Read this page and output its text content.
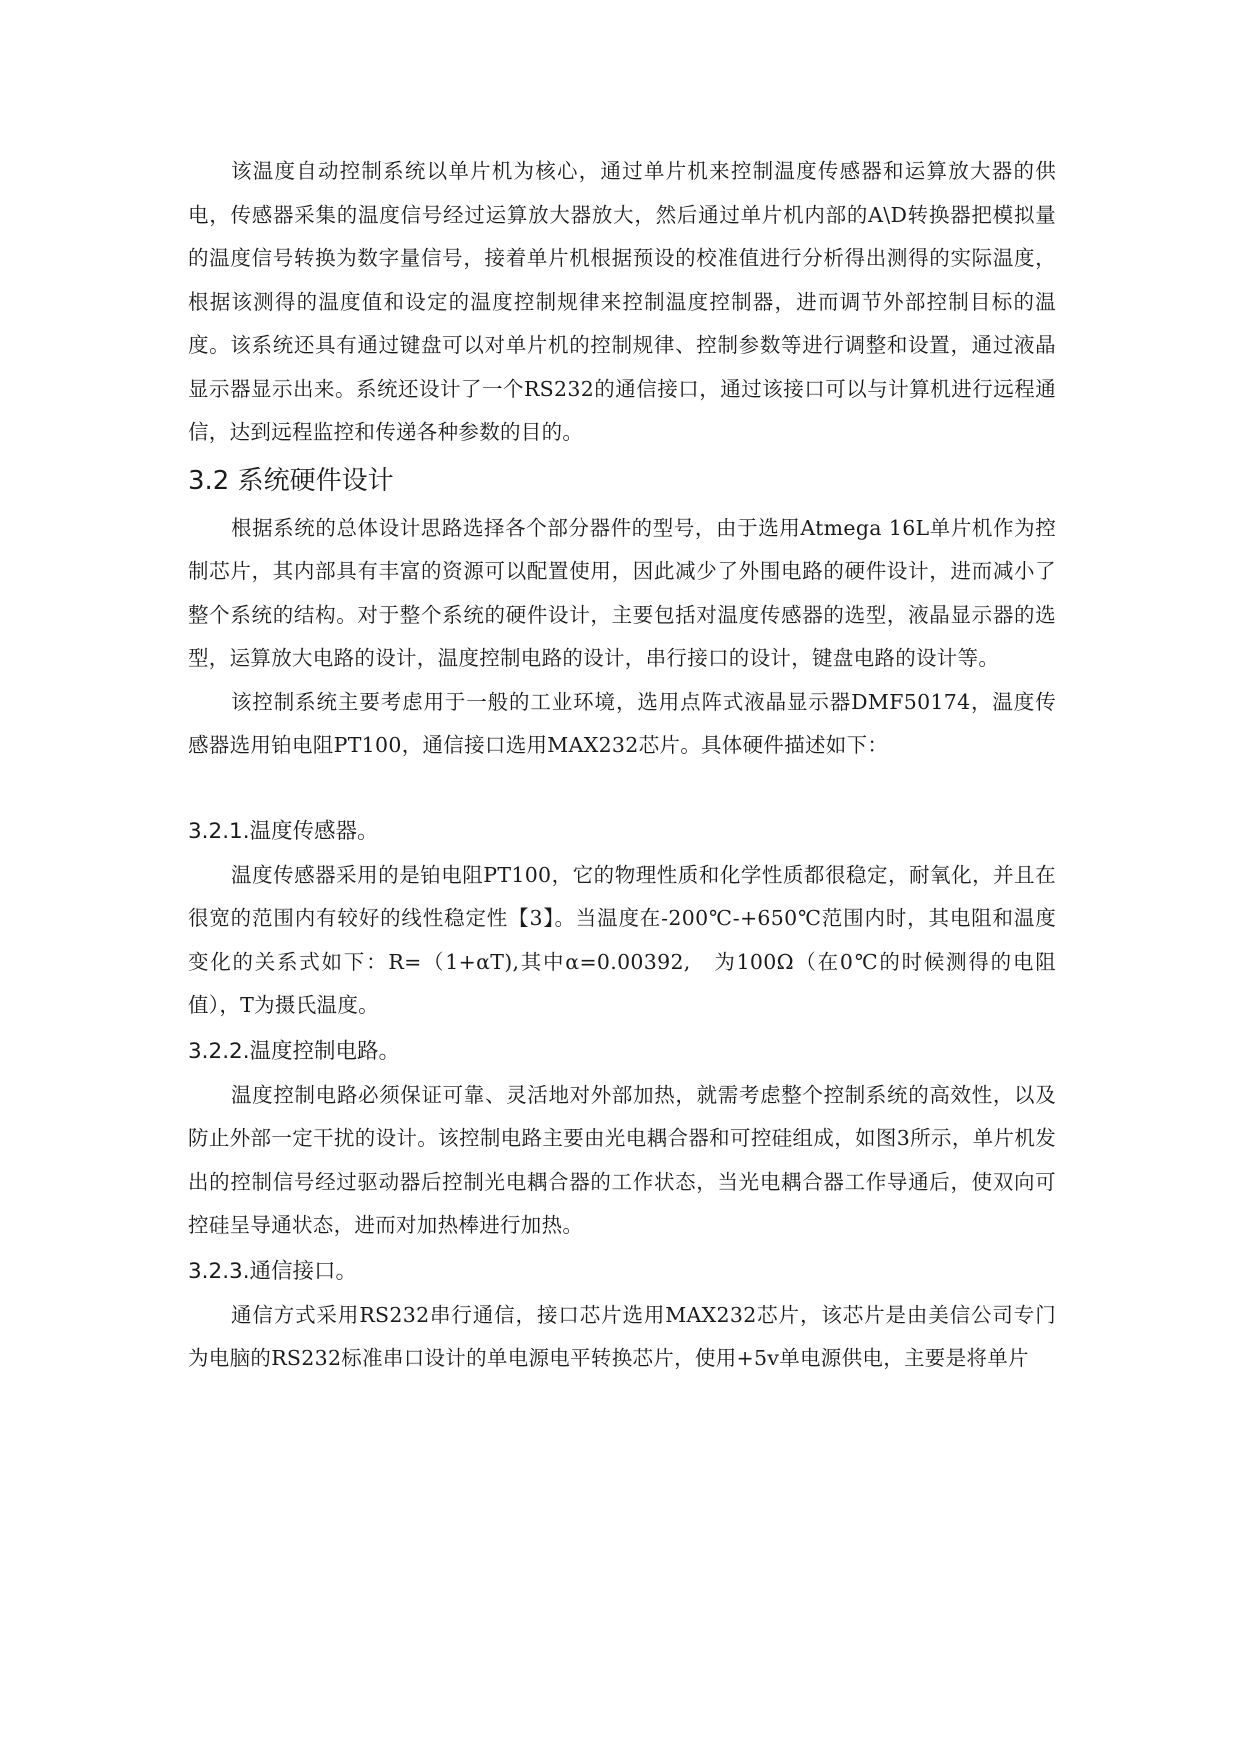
该温度自动控制系统以单片机为核心，通过单片机来控制温度传感器和运算放大器的供电，传感器采集的温度信号经过运算放大器放大，然后通过单片机内部的A\D转换器把模拟量的温度信号转换为数字量信号，接着单片机根据预设的校准值进行分析得出测得的实际温度，根据该测得的温度值和设定的温度控制规律来控制温度控制器，进而调节外部控制目标的温度。该系统还具有通过键盘可以对单片机的控制规律、控制参数等进行调整和设置，通过液晶显示器显示出来。系统还设计了一个RS232的通信接口，通过该接口可以与计算机进行远程通信，达到远程监控和传递各种参数的目的。

3.2 系统硬件设计

根据系统的总体设计思路选择各个部分器件的型号，由于选用Atmega 16L单片机作为控制芯片，其内部具有丰富的资源可以配置使用，因此减少了外围电路的硬件设计，进而减小了整个系统的结构。对于整个系统的硬件设计，主要包括对温度传感器的选型，液晶显示器的选型，运算放大电路的设计，温度控制电路的设计，串行接口的设计，键盘电路的设计等。

该控制系统主要考虑用于一般的工业环境，选用点阵式液晶显示器DMF50174，温度传感器选用铂电阻PT100，通信接口选用MAX232芯片。具体硬件描述如下：

3.2.1.温度传感器。

温度传感器采用的是铂电阻PT100，它的物理性质和化学性质都很稳定，耐氧化，并且在很宽的范围内有较好的线性稳定性【3】。当温度在-200℃-+650℃范围内时，其电阻和温度变化的关系式如下：R=（1+αT),其中α=0.00392,　为100Ω（在0℃的时候测得的电阻值），T为摄氏温度。

3.2.2.温度控制电路。

温度控制电路必须保证可靠、灵活地对外部加热，就需考虑整个控制系统的高效性，以及防止外部一定干扰的设计。该控制电路主要由光电耦合器和可控硅组成，如图3所示，单片机发出的控制信号经过驱动器后控制光电耦合器的工作状态，当光电耦合器工作导通后，使双向可控硅呈导通状态，进而对加热棒进行加热。

3.2.3.通信接口。

通信方式采用RS232串行通信，接口芯片选用MAX232芯片，该芯片是由美信公司专门为电脑的RS232标准串口设计的单电源电平转换芯片，使用+5v单电源供电，主要是将单片
